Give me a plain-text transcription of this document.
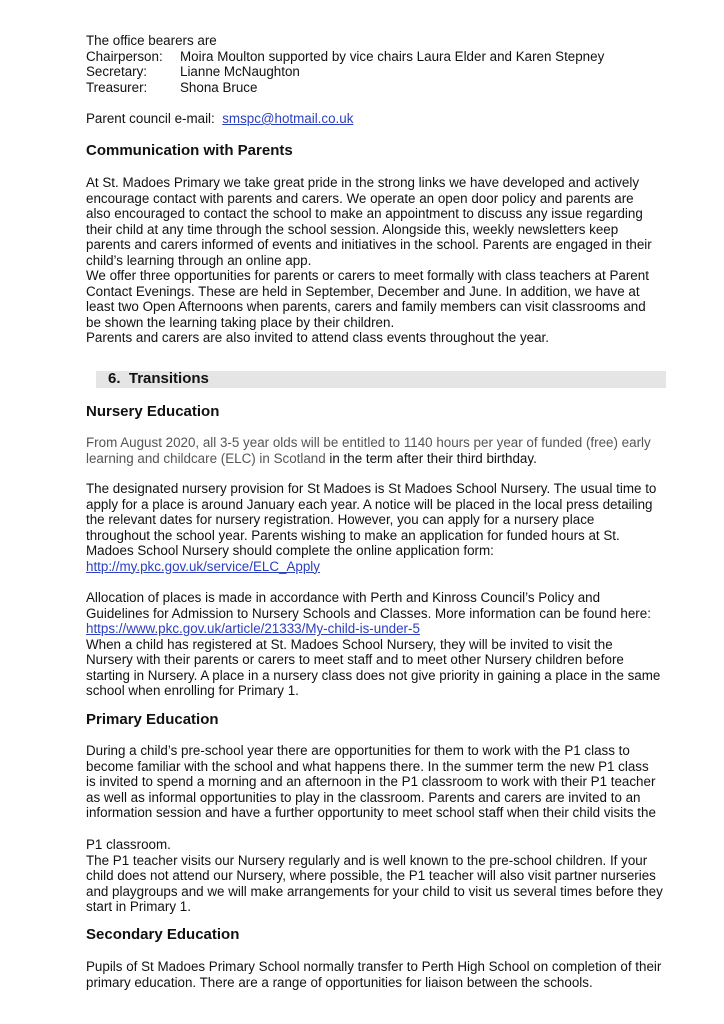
The office bearers are
Chairperson:	Moira Moulton supported by vice chairs Laura Elder and Karen Stepney
Secretary:	Lianne McNaughton
Treasurer:	Shona Bruce
Parent council e-mail: smspc@hotmail.co.uk
Communication with Parents
At St. Madoes Primary we take great pride in the strong links we have developed and actively
encourage contact with parents and carers. We operate an open door policy and parents are
also encouraged to contact the school to make an appointment to discuss any issue regarding
their child at any time through the school session. Alongside this, weekly newsletters keep
parents and carers informed of events and initiatives in the school. Parents are engaged in their
child’s learning through an online app.
We offer three opportunities for parents or carers to meet formally with class teachers at Parent
Contact Evenings. These are held in September, December and June. In addition, we have at
least two Open Afternoons when parents, carers and family members can visit classrooms and
be shown the learning taking place by their children.
Parents and carers are also invited to attend class events throughout the year.
6. Transitions
Nursery Education
From August 2020, all 3-5 year olds will be entitled to 1140 hours per year of funded (free) early
learning and childcare (ELC) in Scotland in the term after their third birthday.
The designated nursery provision for St Madoes is St Madoes School Nursery. The usual time to
apply for a place is around January each year. A notice will be placed in the local press detailing
the relevant dates for nursery registration. However, you can apply for a nursery place
throughout the school year. Parents wishing to make an application for funded hours at St.
Madoes School Nursery should complete the online application form:
http://my.pkc.gov.uk/service/ELC_Apply
Allocation of places is made in accordance with Perth and Kinross Council’s Policy and
Guidelines for Admission to Nursery Schools and Classes. More information can be found here:
https://www.pkc.gov.uk/article/21333/My-child-is-under-5
When a child has registered at St. Madoes School Nursery, they will be invited to visit the
Nursery with their parents or carers to meet staff and to meet other Nursery children before
starting in Nursery. A place in a nursery class does not give priority in gaining a place in the same
school when enrolling for Primary 1.
Primary Education
During a child’s pre-school year there are opportunities for them to work with the P1 class to
become familiar with the school and what happens there. In the summer term the new P1 class
is invited to spend a morning and an afternoon in the P1 classroom to work with their P1 teacher
as well as informal opportunities to play in the classroom. Parents and carers are invited to an
information session and have a further opportunity to meet school staff when their child visits the
P1 classroom.
The P1 teacher visits our Nursery regularly and is well known to the pre-school children. If your
child does not attend our Nursery, where possible, the P1 teacher will also visit partner nurseries
and playgroups and we will make arrangements for your child to visit us several times before they
start in Primary 1.
Secondary Education
Pupils of St Madoes Primary School normally transfer to Perth High School on completion of their
primary education. There are a range of opportunities for liaison between the schools.
